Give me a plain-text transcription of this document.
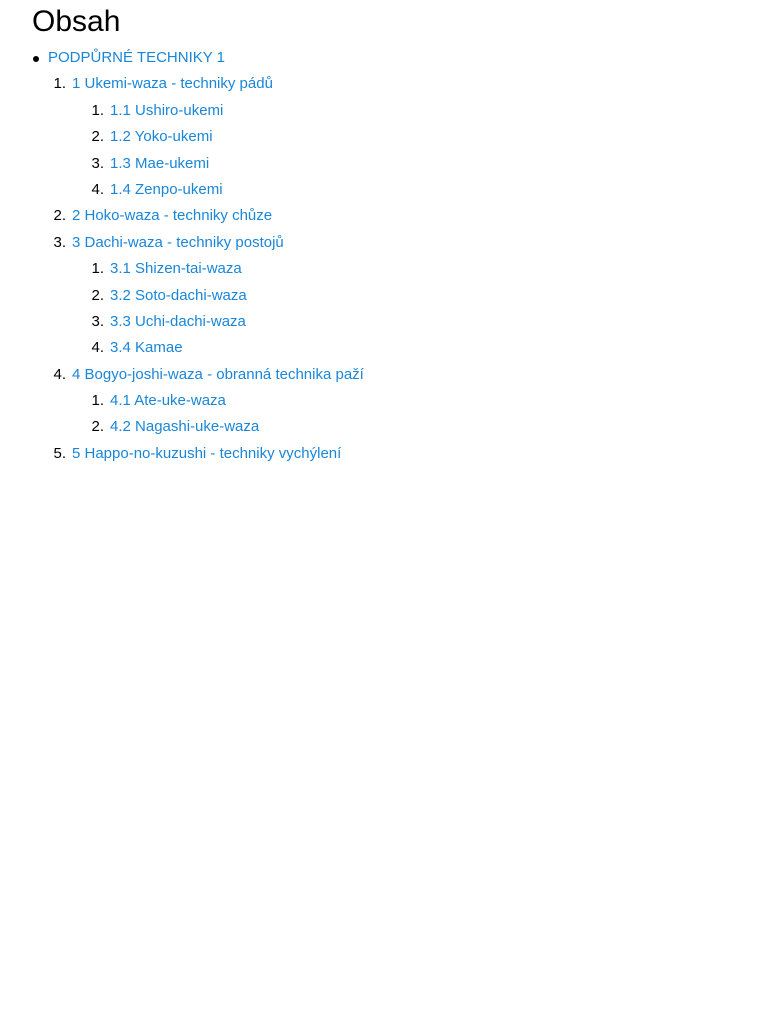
Obsah
PODPŮRNÉ TECHNIKY 1
1. 1 Ukemi-waza - techniky pádů
1. 1.1 Ushiro-ukemi
2. 1.2 Yoko-ukemi
3. 1.3 Mae-ukemi
4. 1.4 Zenpo-ukemi
2. 2 Hoko-waza - techniky chůze
3. 3 Dachi-waza - techniky postojů
1. 3.1 Shizen-tai-waza
2. 3.2 Soto-dachi-waza
3. 3.3 Uchi-dachi-waza
4. 3.4 Kamae
4. 4 Bogyo-joshi-waza - obranná technika paží
1. 4.1 Ate-uke-waza
2. 4.2 Nagashi-uke-waza
5. 5 Happo-no-kuzushi - techniky vychýlení
